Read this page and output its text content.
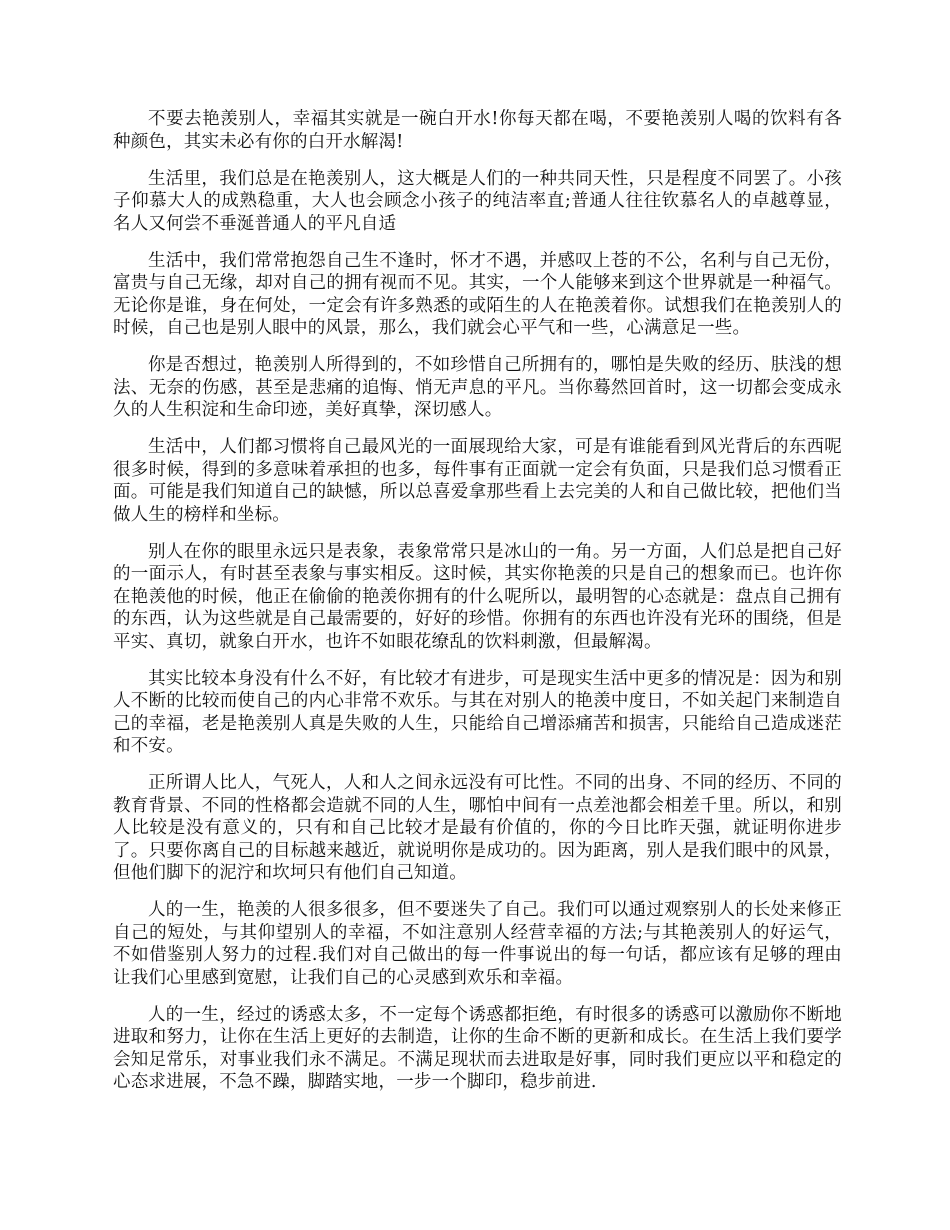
不要去艳羡别人，幸福其实就是一碗白开水!你每天都在喝，不要艳羡别人喝的饮料有各种颜色，其实未必有你的白开水解渴!

生活里，我们总是在艳羡别人，这大概是人们的一种共同天性，只是程度不同罢了。小孩子仰慕大人的成熟稳重，大人也会顾念小孩子的纯洁率直;普通人往往钦慕名人的卓越尊显，名人又何尝不垂涎普通人的平凡自适

生活中，我们常常抱怨自己生不逢时，怀才不遇，并感叹上苍的不公，名利与自己无份，富贵与自己无缘，却对自己的拥有视而不见。其实，一个人能够来到这个世界就是一种福气。无论你是谁，身在何处，一定会有许多熟悉的或陌生的人在艳羡着你。试想我们在艳羡别人的时候，自己也是别人眼中的风景，那么，我们就会心平气和一些，心满意足一些。

你是否想过，艳羡别人所得到的，不如珍惜自己所拥有的，哪怕是失败的经历、肤浅的想法、无奈的伤感，甚至是悲痛的追悔、悄无声息的平凡。当你蓦然回首时，这一切都会变成永久的人生积淀和生命印迹，美好真挚，深切感人。

生活中，人们都习惯将自己最风光的一面展现给大家，可是有谁能看到风光背后的东西呢很多时候，得到的多意味着承担的也多，每件事有正面就一定会有负面，只是我们总习惯看正面。可能是我们知道自己的缺憾，所以总喜爱拿那些看上去完美的人和自己做比较，把他们当做人生的榜样和坐标。

别人在你的眼里永远只是表象，表象常常只是冰山的一角。另一方面，人们总是把自己好的一面示人，有时甚至表象与事实相反。这时候，其实你艳羡的只是自己的想象而已。也许你在艳羡他的时候，他正在偷偷的艳羡你拥有的什么呢所以，最明智的心态就是：盘点自己拥有的东西，认为这些就是自己最需要的，好好的珍惜。你拥有的东西也许没有光环的围绕，但是平实、真切，就象白开水，也许不如眼花缭乱的饮料刺激，但最解渴。

其实比较本身没有什么不好，有比较才有进步，可是现实生活中更多的情况是：因为和别人不断的比较而使自己的内心非常不欢乐。与其在对别人的艳羡中度日，不如关起门来制造自己的幸福，老是艳羡别人真是失败的人生，只能给自己增添痛苦和损害，只能给自己造成迷茫和不安。

正所谓人比人，气死人，人和人之间永远没有可比性。不同的出身、不同的经历、不同的教育背景、不同的性格都会造就不同的人生，哪怕中间有一点差池都会相差千里。所以，和别人比较是没有意义的，只有和自己比较才是最有价值的，你的今日比昨天强，就证明你进步了。只要你离自己的目标越来越近，就说明你是成功的。因为距离，别人是我们眼中的风景，但他们脚下的泥泞和坎坷只有他们自己知道。

人的一生，艳羡的人很多很多，但不要迷失了自己。我们可以通过观察别人的长处来修正自己的短处，与其仰望别人的幸福，不如注意别人经营幸福的方法;与其艳羡别人的好运气，不如借鉴别人努力的过程.我们对自己做出的每一件事说出的每一句话，都应该有足够的理由让我们心里感到宽慰，让我们自己的心灵感到欢乐和幸福。

人的一生，经过的诱惑太多，不一定每个诱惑都拒绝，有时很多的诱惑可以激励你不断地进取和努力，让你在生活上更好的去制造，让你的生命不断的更新和成长。在生活上我们要学会知足常乐，对事业我们永不满足。不满足现状而去进取是好事，同时我们更应以平和稳定的心态求进展，不急不躁，脚踏实地，一步一个脚印，稳步前进.
